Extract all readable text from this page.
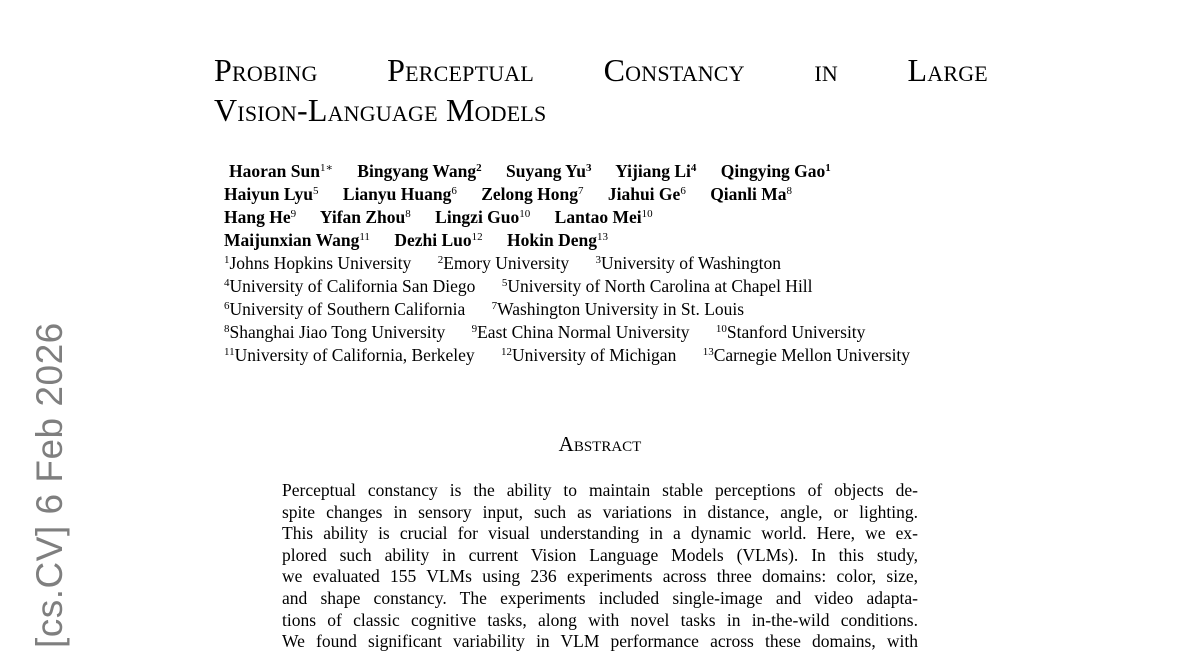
Probing Perceptual Constancy in Large
Vision-Language Models
Haoran Sun$^{1∗}$ Bingyang Wang$^2$ Suyang Yu$^3$ Yijiang Li$^4$ Qingying Gao$^1$
Haiyun Lyu$^5$ Lianyu Huang$^6$ Zelong Hong$^7$ Jiahui Ge$^6$ Qianli Ma$^8$
Hang He$^9$ Yifan Zhou$^8$ Lingzi Guo$^{10}$ Lantao Mei$^{10}$
Maijunxian Wang$^{11}$ Dezhi Luo$^{12}$ Hokin Deng$^{13}$
$^1$Johns Hopkins University $^2$Emory University $^3$University of Washington
$^4$University of California San Diego $^5$University of North Carolina at Chapel Hill
$^6$University of Southern California $^7$Washington University in St. Louis
$^8$Shanghai Jiao Tong University $^9$East China Normal University $^{10}$Stanford University
$^{11}$University of California, Berkeley $^{12}$University of Michigan $^{13}$Carnegie Mellon University
Abstract
Perceptual constancy is the ability to maintain stable perceptions of objects de-
spite changes in sensory input, such as variations in distance, angle, or lighting.
This ability is crucial for visual understanding in a dynamic world. Here, we ex-
plored such ability in current Vision Language Models (VLMs). In this study,
we evaluated 155 VLMs using 236 experiments across three domains: color, size,
and shape constancy. The experiments included single-image and video adapta-
tions of classic cognitive tasks, along with novel tasks in in-the-wild conditions.
We found significant variability in VLM performance across these domains, with
[cs.CV] 6 Feb 2026
